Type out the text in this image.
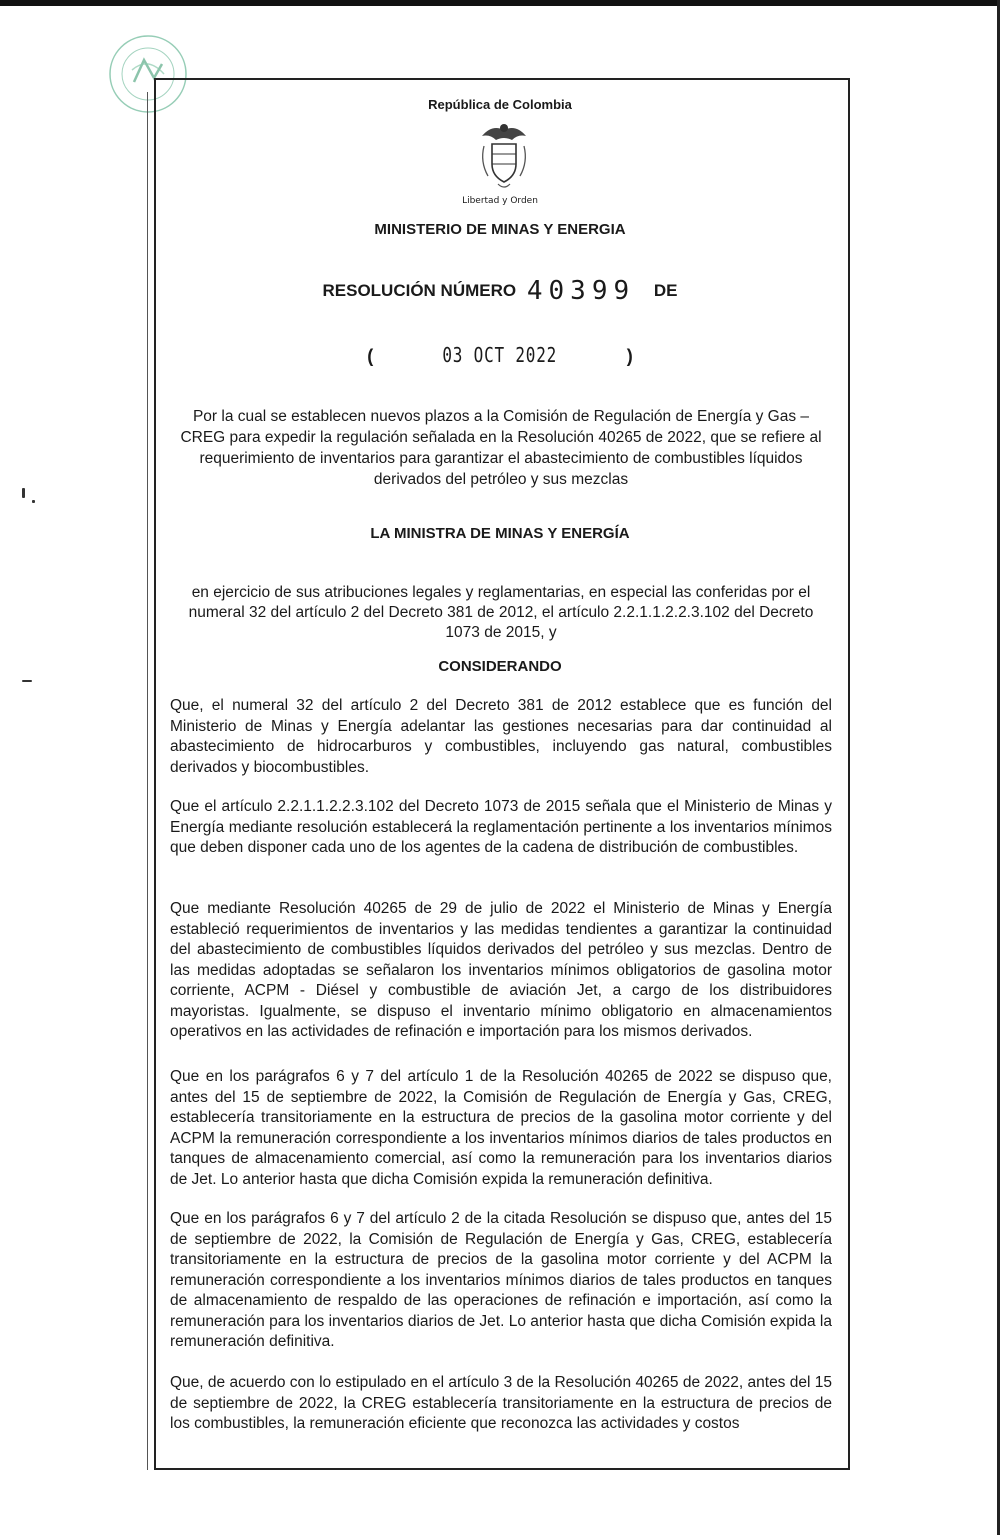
República de Colombia
Libertad y Orden
MINISTERIO DE MINAS Y ENERGIA
RESOLUCIÓN NÚMERO 40399 DE
(	03 OCT 2022	)
Por la cual se establecen nuevos plazos a la Comisión de Regulación de Energía y Gas – CREG para expedir la regulación señalada en la Resolución 40265 de 2022, que se refiere al requerimiento de inventarios para garantizar el abastecimiento de combustibles líquidos derivados del petróleo y sus mezclas
LA MINISTRA DE MINAS Y ENERGÍA
en ejercicio de sus atribuciones legales y reglamentarias, en especial las conferidas por el numeral 32 del artículo 2 del Decreto 381 de 2012, el artículo 2.2.1.1.2.2.3.102 del Decreto 1073 de 2015, y
CONSIDERANDO
Que, el numeral 32 del artículo 2 del Decreto 381 de 2012 establece que es función del Ministerio de Minas y Energía adelantar las gestiones necesarias para dar continuidad al abastecimiento de hidrocarburos y combustibles, incluyendo gas natural, combustibles derivados y biocombustibles.
Que el artículo 2.2.1.1.2.2.3.102 del Decreto 1073 de 2015 señala que el Ministerio de Minas y Energía mediante resolución establecerá la reglamentación pertinente a los inventarios mínimos que deben disponer cada uno de los agentes de la cadena de distribución de combustibles.
Que mediante Resolución 40265 de 29 de julio de 2022 el Ministerio de Minas y Energía estableció requerimientos de inventarios y las medidas tendientes a garantizar la continuidad del abastecimiento de combustibles líquidos derivados del petróleo y sus mezclas. Dentro de las medidas adoptadas se señalaron los inventarios mínimos obligatorios de gasolina motor corriente, ACPM - Diésel y combustible de aviación Jet, a cargo de los distribuidores mayoristas. Igualmente, se dispuso el inventario mínimo obligatorio en almacenamientos operativos en las actividades de refinación e importación para los mismos derivados.
Que en los parágrafos 6 y 7 del artículo 1 de la Resolución 40265 de 2022 se dispuso que, antes del 15 de septiembre de 2022, la Comisión de Regulación de Energía y Gas, CREG, establecería transitoriamente en la estructura de precios de la gasolina motor corriente y del ACPM la remuneración correspondiente a los inventarios mínimos diarios de tales productos en tanques de almacenamiento comercial, así como la remuneración para los inventarios diarios de Jet. Lo anterior hasta que dicha Comisión expida la remuneración definitiva.
Que en los parágrafos 6 y 7 del artículo 2 de la citada Resolución se dispuso que, antes del 15 de septiembre de 2022, la Comisión de Regulación de Energía y Gas, CREG, establecería transitoriamente en la estructura de precios de la gasolina motor corriente y del ACPM la remuneración correspondiente a los inventarios mínimos diarios de tales productos en tanques de almacenamiento de respaldo de las operaciones de refinación e importación, así como la remuneración para los inventarios diarios de Jet. Lo anterior hasta que dicha Comisión expida la remuneración definitiva.
Que, de acuerdo con lo estipulado en el artículo 3 de la Resolución 40265 de 2022, antes del 15 de septiembre de 2022, la CREG establecería transitoriamente en la estructura de precios de los combustibles, la remuneración eficiente que reconozca las actividades y costos
